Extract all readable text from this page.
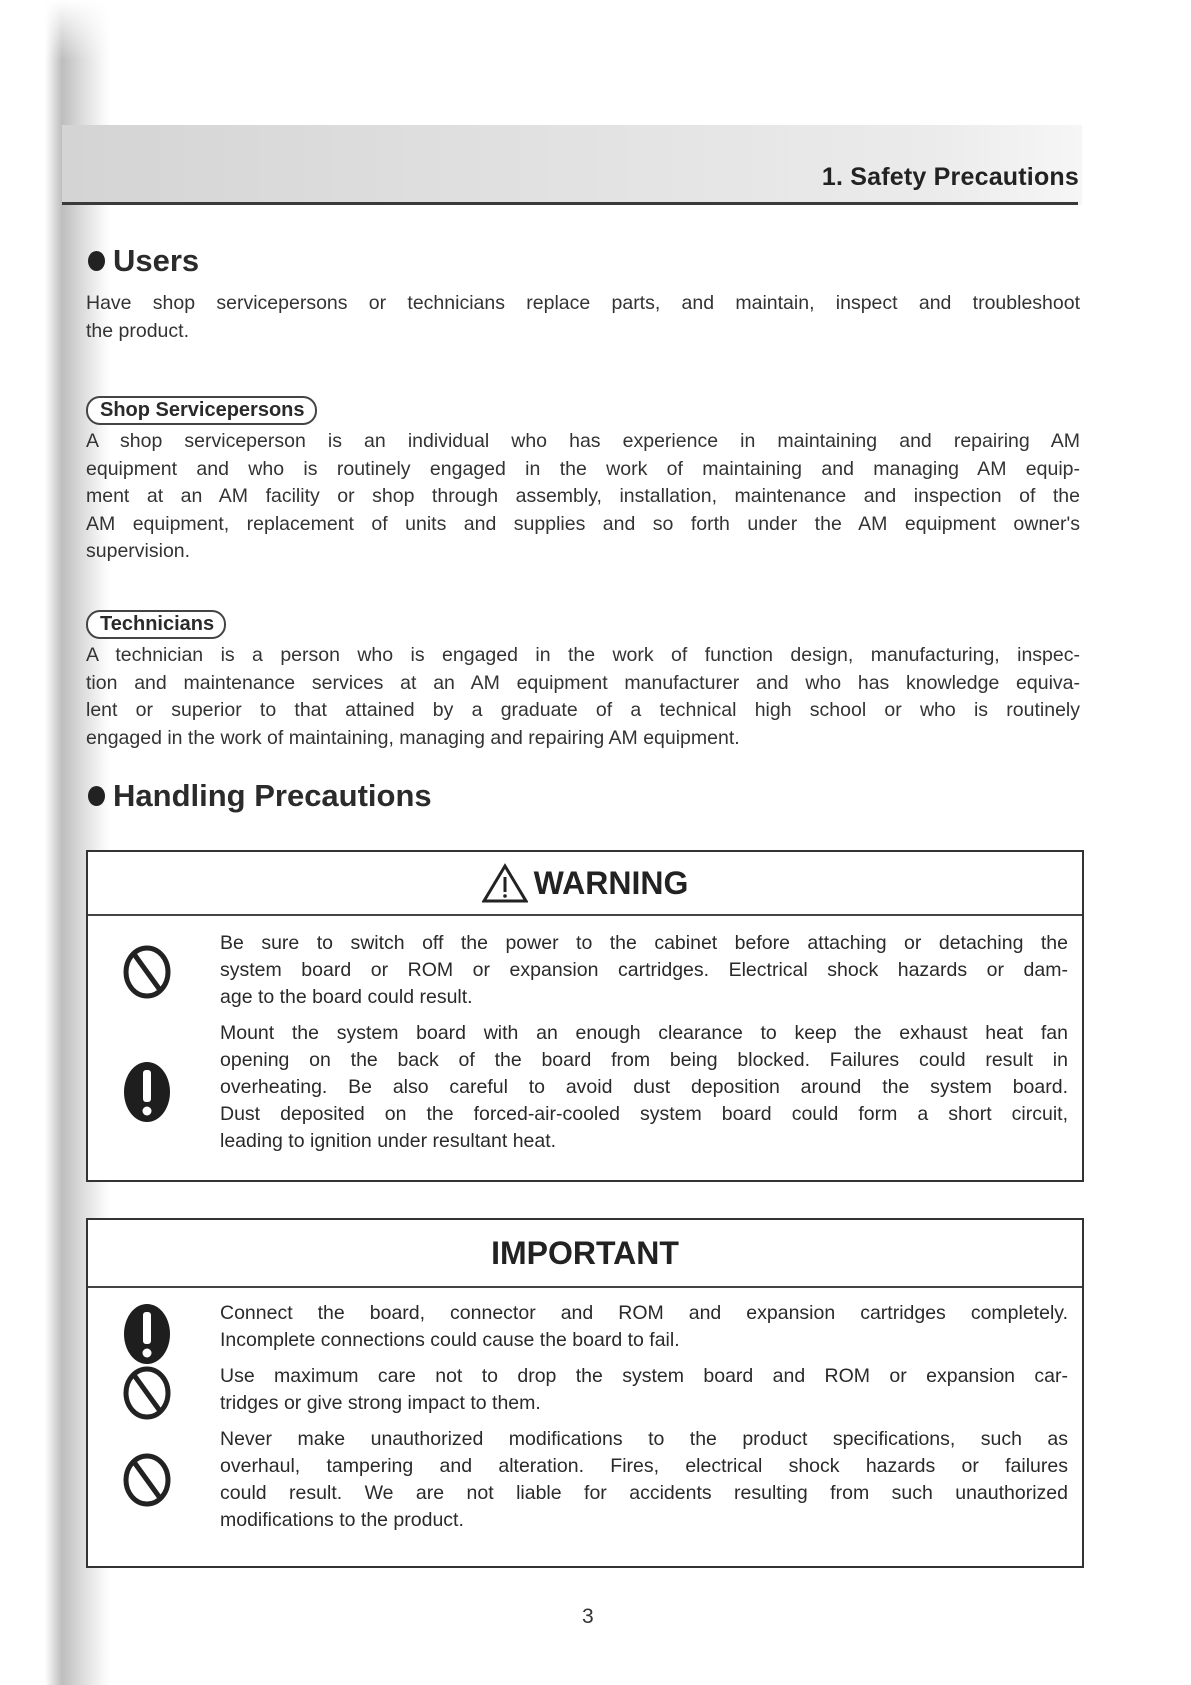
1. Safety Precautions
Users
Have shop servicepersons or technicians replace parts, and maintain, inspect and troubleshoot
the product.
Shop Servicepersons
A shop serviceperson is an individual who has experience in maintaining and repairing AM
equipment and who is routinely engaged in the work of maintaining and managing AM equip-
ment at an AM facility or shop through assembly, installation, maintenance and inspection of the
AM equipment, replacement of units and supplies and so forth under the AM equipment owner's
supervision.
Technicians
A technician is a person who is engaged in the work of function design, manufacturing, inspec-
tion and maintenance services at an AM equipment manufacturer and who has knowledge equiva-
lent or superior to that attained by a graduate of a technical high school or who is routinely
engaged in the work of maintaining, managing and repairing AM equipment.
Handling Precautions
WARNING
Be sure to switch off the power to the cabinet before attaching or detaching the
system board or ROM or expansion cartridges. Electrical shock hazards or dam-
age to the board could result.
Mount the system board with an enough clearance to keep the exhaust heat fan
opening on the back of the board from being blocked. Failures could result in
overheating. Be also careful to avoid dust deposition around the system board.
Dust deposited on the forced-air-cooled system board could form a short circuit,
leading to ignition under resultant heat.
IMPORTANT
Connect the board, connector and ROM and expansion cartridges completely.
Incomplete connections could cause the board to fail.
Use maximum care not to drop the system board and ROM or expansion car-
tridges or give strong impact to them.
Never make unauthorized modifications to the product specifications, such as
overhaul, tampering and alteration. Fires, electrical shock hazards or failures
could result. We are not liable for accidents resulting from such unauthorized
modifications to the product.
3
